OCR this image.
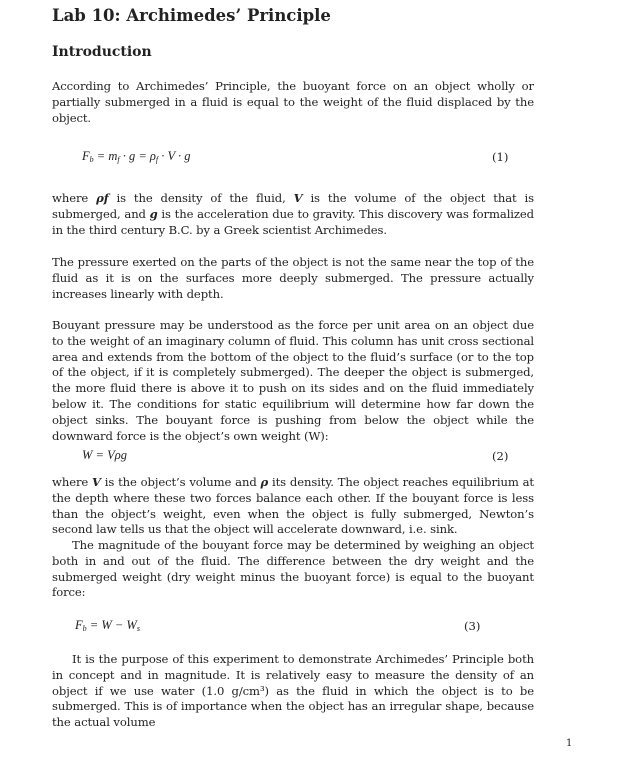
Lab 10: Archimedes’ Principle
Introduction

According to Archimedes’ Principle, the buoyant force on an object wholly or partially submerged in a fluid is equal to the weight of the fluid displaced by the object.

$F_b = m_f \cdot g = \rho_f \cdot V \cdot g$	(1)

where ρf is the density of the fluid, V is the volume of the object that is submerged, and g is the acceleration due to gravity. This discovery was formalized in the third century B.C. by a Greek scientist Archimedes.

The pressure exerted on the parts of the object is not the same near the top of the fluid as it is on the surfaces more deeply submerged. The pressure actually increases linearly with depth.

Bouyant pressure may be understood as the force per unit area on an object due to the weight of an imaginary column of fluid. This column has unit cross sectional area and extends from the bottom of the object to the fluid’s surface (or to the top of the object, if it is completely submerged). The deeper the object is submerged, the more fluid there is above it to push on its sides and on the fluid immediately below it. The conditions for static equilibrium will determine how far down the object sinks. The bouyant force is pushing from below the object while the downward force is the object’s own weight (W):

W = Vρg	(2)

where V is the object’s volume and ρ its density. The object reaches equilibrium at the depth where these two forces balance each other. If the bouyant force is less than the object’s weight, even when the object is fully submerged, Newton’s second law tells us that the object will accelerate downward, i.e. sink.

The magnitude of the bouyant force may be determined by weighing an object both in and out of the fluid. The difference between the dry weight and the submerged weight (dry weight minus the buoyant force) is equal to the buoyant force:

$F_b = W - W_s$	(3)

It is the purpose of this experiment to demonstrate Archimedes’ Principle both in concept and in magnitude. It is relatively easy to measure the density of an object if we use water (1.0 g/cm³) as the fluid in which the object is to be submerged. This is of importance when the object has an irregular shape, because the actual volume

1
